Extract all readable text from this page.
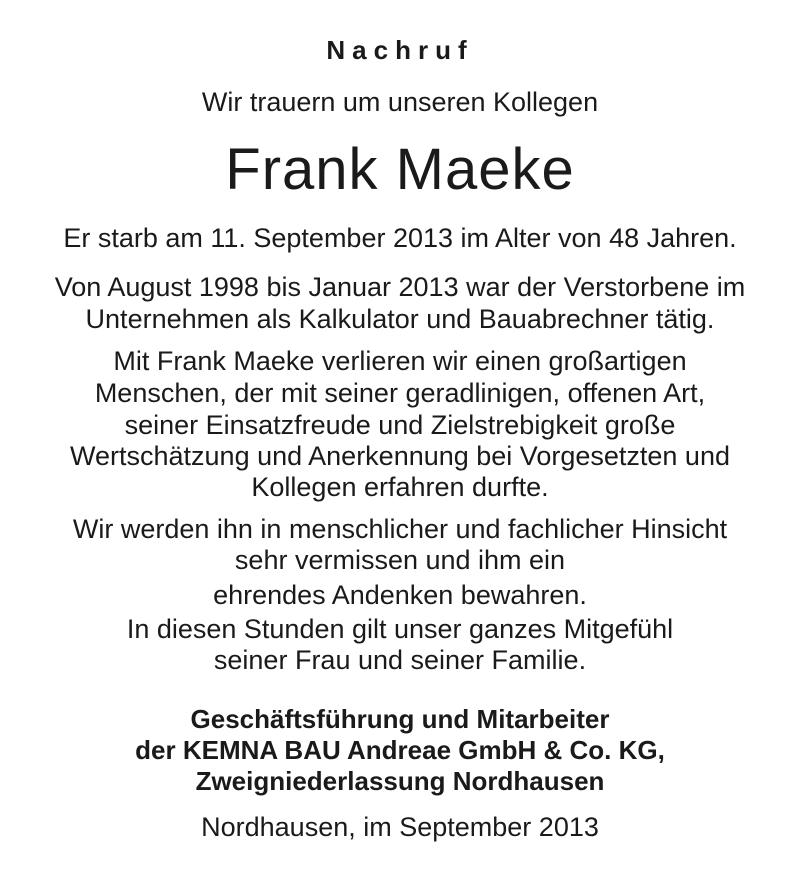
Nachruf
Wir trauern um unseren Kollegen
Frank Maeke
Er starb am 11. September 2013 im Alter von 48 Jahren.
Von August 1998 bis Januar 2013 war der Verstorbene im
Unternehmen als Kalkulator und Bauabrechner tätig.
Mit Frank Maeke verlieren wir einen großartigen
Menschen, der mit seiner geradlinigen, offenen Art,
seiner Einsatzfreude und Zielstrebigkeit große
Wertschätzung und Anerkennung bei Vorgesetzten und
Kollegen erfahren durfte.
Wir werden ihn in menschlicher und fachlicher Hinsicht
sehr vermissen und ihm ein
ehrendes Andenken bewahren.
In diesen Stunden gilt unser ganzes Mitgefühl
seiner Frau und seiner Familie.
Geschäftsführung und Mitarbeiter
der KEMNA BAU Andreae GmbH & Co. KG,
Zweigniederlassung Nordhausen
Nordhausen, im September 2013
